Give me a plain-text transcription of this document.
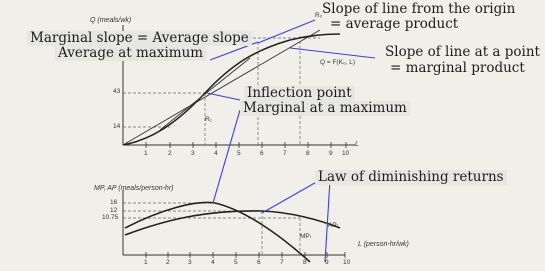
Q (meals/wk)
L
43
14
1	2	3	4	5	6	7	8	9 10
R₂
R₁
Q = F(K₀, L)
MP, AP (meals/person-hr)
L (person-hr/wk)
16
12
10.75
1	2	3	4	5	6	7	8	9 10
APₗ
MPₗ
Slope of line from the origin
= average product
Marginal slope = Average slope
Average at maximum	Slope of line at a point
= marginal product
Inflection point
Marginal at a maximum
Law of diminishing returns
